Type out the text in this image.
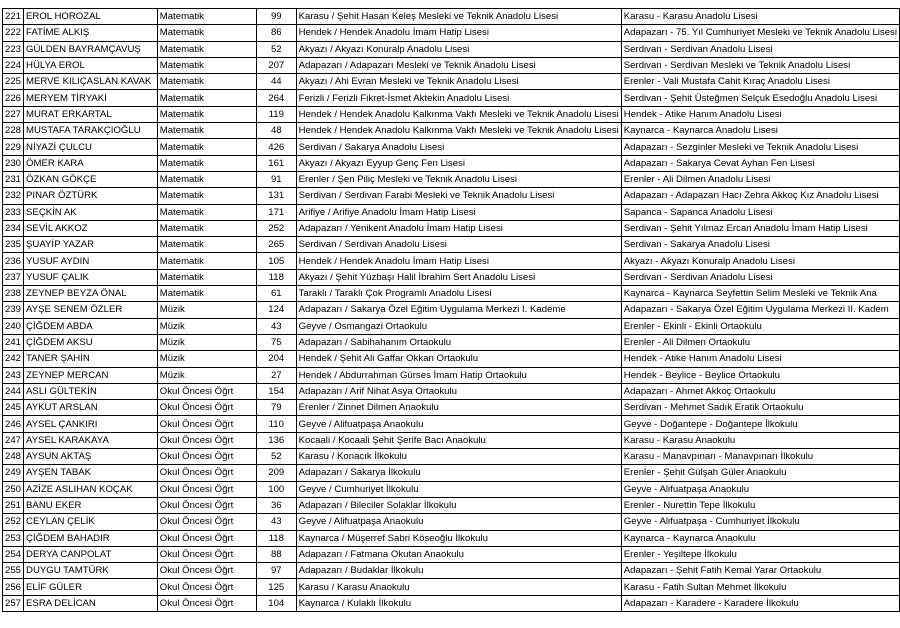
221	EROL HOROZAL	Matematik	99	Karasu / Şehit Hasan Keleş Mesleki ve Teknik Anadolu Lisesi	Karasu - Karasu Anadolu Lisesi
222	FATİME ALKIŞ	Matematik	86	Hendek / Hendek Anadolu İmam Hatip Lisesi	Adapazarı - 75. Yıl Cumhuriyet Mesleki ve Teknik Anadolu Lisesi
223	GÜLDEN BAYRAMÇAVUŞ	Matematik	52	Akyazı / Akyazı Konuralp Anadolu Lisesi	Serdivan - Serdivan Anadolu Lisesi
224	HÜLYA EROL	Matematik	207	Adapazarı / Adapazarı Mesleki ve Teknik Anadolu Lisesi	Serdivan - Serdivan Mesleki ve Teknik Anadolu Lisesi
225	MERVE KILIÇASLAN KAVAK	Matematik	44	Akyazı / Ahi Evran Mesleki ve Teknik Anadolu Lisesi	Erenler - Vali Mustafa Cahit Kıraç Anadolu Lisesi
226	MERYEM TİRYAKİ	Matematik	264	Ferizli / Ferizli Fikret-İsmet Aktekin Anadolu Lisesi	Serdivan - Şehit Üsteğmen Selçuk Esedoğlu Anadolu Lisesi
227	MURAT ERKARTAL	Matematik	119	Hendek / Hendek Anadolu Kalkınma Vakfı Mesleki ve Teknik Anadolu Lisesi	Hendek - Atike Hanım Anadolu Lisesi
228	MUSTAFA TARAKÇIOĞLU	Matematik	48	Hendek / Hendek Anadolu Kalkınma Vakfı Mesleki ve Teknik Anadolu Lisesi	Kaynarca - Kaynarca Anadolu Lisesi
229	NİYAZİ ÇULCU	Matematik	426	Serdivan / Sakarya Anadolu Lisesi	Adapazarı - Sezginler Mesleki ve Teknik Anadolu Lisesi
230	ÖMER KARA	Matematik	161	Akyazı / Akyazı Eyyup Genç Fen Lisesi	Adapazarı - Sakarya Cevat Ayhan Fen Lisesi
231	ÖZKAN GÖKÇE	Matematik	91	Erenler / Şen Piliç Mesleki ve Teknik Anadolu Lisesi	Erenler - Ali Dilmen Anadolu Lisesi
232	PINAR ÖZTÜRK	Matematik	131	Serdivan / Serdivan Farabi Mesleki ve Teknik Anadolu Lisesi	Adapazarı - Adapazarı Hacı Zehra Akkoç Kız Anadolu Lisesi
233	SEÇKİN AK	Matematik	171	Arifiye / Arifiye Anadolu İmam Hatip Lisesi	Sapanca - Sapanca Anadolu Lisesi
234	SEVİL AKKOZ	Matematik	252	Adapazarı / Yenikent Anadolu İmam Hatip Lisesi	Serdivan - Şehit Yılmaz Ercan Anadolu İmam Hatip Lisesi
235	ŞUAYİP YAZAR	Matematik	265	Serdivan / Serdivan Anadolu Lisesi	Serdivan - Sakarya Anadolu Lisesi
236	YUSUF AYDIN	Matematik	105	Hendek / Hendek Anadolu İmam Hatip Lisesi	Akyazı - Akyazı Konuralp Anadolu Lisesi
237	YUSUF ÇALIK	Matematik	118	Akyazı / Şehit Yüzbaşı Halil İbrahim Sert Anadolu Lisesi	Serdivan - Serdivan Anadolu Lisesi
238	ZEYNEP BEYZA ÖNAL	Matematik	61	Taraklı / Taraklı Çok Programlı Anadolu Lisesi	Kaynarca - Kaynarca Seyfettin Selim Mesleki ve Teknik Ana
239	AYŞE SENEM ÖZLER	Müzik	124	Adapazarı / Sakarya Özel Eğitim Uygulama Merkezi I. Kademe	Adapazarı - Sakarya Özel Eğitim Uygulama Merkezi II. Kadem
240	ÇİĞDEM ABDA	Müzik	43	Geyve / Osmangazi Ortaokulu	Erenler - Ekinli - Ekinli Ortaokulu
241	ÇİĞDEM AKSU	Müzik	75	Adapazarı / Sabihahanım Ortaokulu	Erenler - Ali Dilmen Ortaokulu
242	TANER ŞAHİN	Müzik	204	Hendek / Şehit Ali Gaffar Okkan Ortaokulu	Hendek - Atike Hanım Anadolu Lisesi
243	ZEYNEP MERCAN	Müzik	27	Hendek / Abdurrahman Gürses İmam Hatip Ortaokulu	Hendek - Beylice - Beylice Ortaokulu
244	ASLI GÜLTEKİN	Okul Öncesi Öğrt	154	Adapazarı / Arif Nihat Asya Ortaokulu	Adapazarı - Ahmet Akkoç Ortaokulu
245	AYKUT ARSLAN	Okul Öncesi Öğrt	79	Erenler / Zinnet Dilmen Anaokulu	Serdivan - Mehmet Sadık Eratik Ortaokulu
246	AYSEL ÇANKIRI	Okul Öncesi Öğrt	110	Geyve / Alifuatpaşa Anaokulu	Geyve - Doğantepe - Doğantepe İlkokulu
247	AYSEL KARAKAYA	Okul Öncesi Öğrt	136	Kocaali / Kocaali Şehit Şerife Bacı Anaokulu	Karasu - Karasu Anaokulu
248	AYSUN AKTAŞ	Okul Öncesi Öğrt	52	Karasu / Konacık İlkokulu	Karasu - Manavpınarı - Manavpınarı İlkokulu
249	AYŞEN TABAK	Okul Öncesi Öğrt	209	Adapazarı / Sakarya İlkokulu	Erenler - Şehit Gülşah Güler Anaokulu
250	AZİZE ASLIHAN KOÇAK	Okul Öncesi Öğrt	100	Geyve / Cumhuriyet İlkokulu	Geyve - Alifuatpaşa Anaokulu
251	BANU EKER	Okul Öncesi Öğrt	36	Adapazarı / Bileciler Solaklar İlkokulu	Erenler - Nurettin Tepe İlkokulu
252	CEYLAN ÇELİK	Okul Öncesi Öğrt	43	Geyve / Alifuatpaşa Anaokulu	Geyve - Alifuatpaşa - Cumhuriyet İlkokulu
253	ÇİĞDEM BAHADIR	Okul Öncesi Öğrt	118	Kaynarca / Müşerref Sabri Köseoğlu İlkokulu	Kaynarca - Kaynarca Anaokulu
254	DERYA CANPOLAT	Okul Öncesi Öğrt	88	Adapazarı / Fatmana Okutan Anaokulu	Erenler - Yeşiltepe İlkokulu
255	DUYGU TAMTÜRK	Okul Öncesi Öğrt	97	Adapazarı / Budaklar İlkokulu	Adapazarı - Şehit Fatih Kemal Yarar Ortaokulu
256	ELİF GÜLER	Okul Öncesi Öğrt	125	Karasu / Karasu Anaokulu	Karasu - Fatih Sultan Mehmet İlkokulu
257	ESRA DELİCAN	Okul Öncesi Öğrt	104	Kaynarca / Kulaklı İlkokulu	Adapazarı - Karadere - Karadere İlkokulu
